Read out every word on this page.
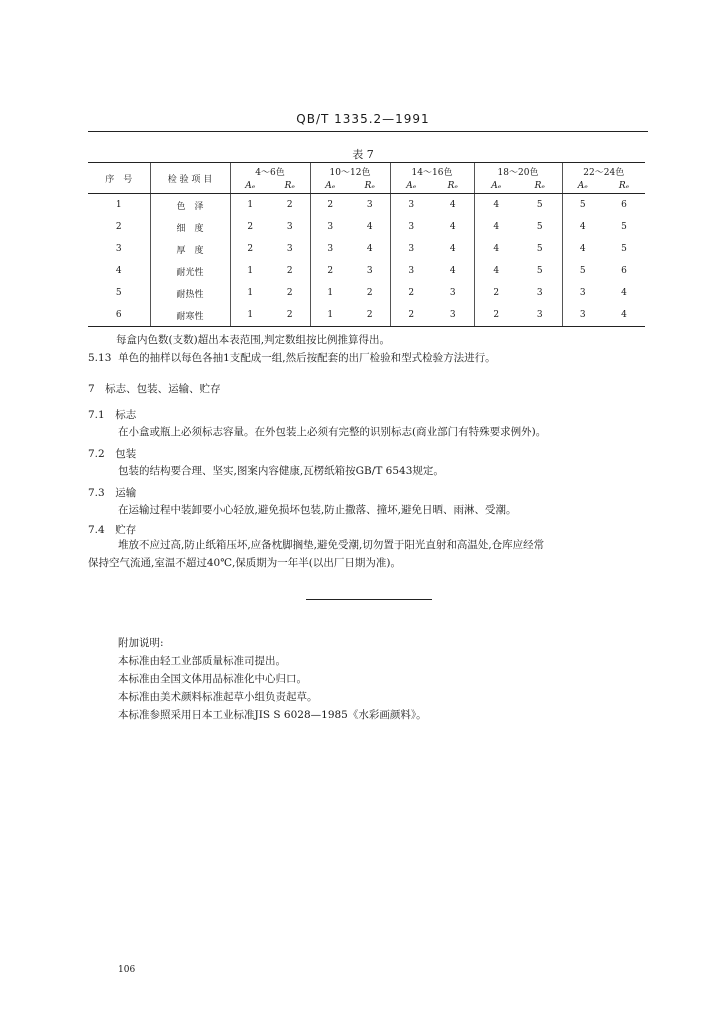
QB/T 1335.2—1991
表 7
序　号	检 验 项 目	4～6色		10～12色		14～16色		18～20色		22～24色	
		Aₑ	Rₑ	Aₑ	Rₑ	Aₑ	Rₑ	Aₑ	Rₑ	Aₑ	Rₑ
1	色　泽	1	2	2	3	3	4	4	5	5	6
2	细　度	2	3	3	4	3	4	4	5	4	5
3	厚　度	2	3	3	4	3	4	4	5	4	5
4	耐光性	1	2	2	3	3	4	4	5	5	6
5	耐热性	1	2	1	2	2	3	2	3	3	4
6	耐寒性	1	2	1	2	2	3	2	3	3	4
每盒内色数(支数)超出本表范围,判定数组按比例推算得出。
5.13 单色的抽样以每色各抽1支配成一组,然后按配套的出厂检验和型式检验方法进行。
7　标志、包装、运输、贮存
7.1　标志
在小盒或瓶上必须标志容量。在外包装上必须有完整的识别标志(商业部门有特殊要求例外)。
7.2　包装
包装的结构要合理、坚实,图案内容健康,瓦楞纸箱按GB/T 6543规定。
7.3　运输
在运输过程中装卸要小心轻放,避免损坏包装,防止撒落、撞坏,避免日晒、雨淋、受潮。
7.4　贮存
堆放不应过高,防止纸箱压坏,应备枕脚搁垫,避免受潮,切勿置于阳光直射和高温处,仓库应经常
保持空气流通,室温不超过40℃,保质期为一年半(以出厂日期为准)。
附加说明:
本标准由轻工业部质量标准司提出。
本标准由全国文体用品标准化中心归口。
本标准由美术颜料标准起草小组负责起草。
本标准参照采用日本工业标准JIS S 6028—1985《水彩画颜料》。
106
